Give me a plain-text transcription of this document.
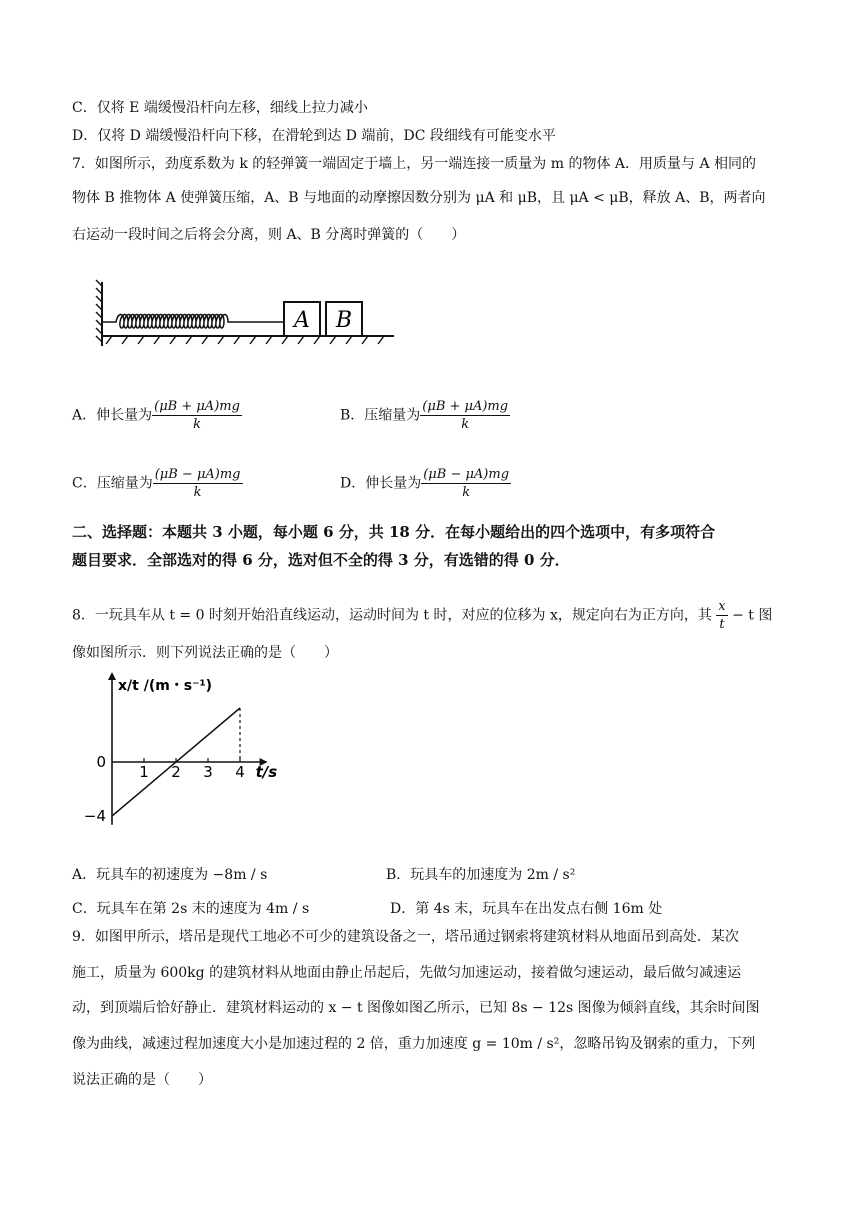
C．仅将 E 端缓慢沿杆向左移，细线上拉力减小
D．仅将 D 端缓慢沿杆向下移，在滑轮到达 D 端前，DC 段细线有可能变水平
7．如图所示，劲度系数为 k 的轻弹簧一端固定于墙上，另一端连接一质量为 m 的物体 A．用质量与 A 相同的
物体 B 推物体 A 使弹簧压缩，A、B 与地面的动摩擦因数分别为 μA 和 μB，且 μA < μB，释放 A、B，两者向
右运动一段时间之后将会分离，则 A、B 分离时弹簧的（　　）
A B
A．伸长量为 $\frac{(\mu B + \mu A)mg}{k}$	B．压缩量为 $\frac{(\mu B + \mu A)mg}{k}$
C．压缩量为 $\frac{(\mu B - \mu A)mg}{k}$	D．伸长量为 $\frac{(\mu B - \mu A)mg}{k}$
二、选择题：本题共 3 小题，每小题 6 分，共 18 分．在每小题给出的四个选项中，有多项符合
题目要求．全部选对的得 6 分，选对但不全的得 3 分，有选错的得 0 分．
8．一玩具车从 t = 0 时刻开始沿直线运动，运动时间为 t 时，对应的位移为 x，规定向右为正方向，其 $\frac{x}{t} - t$ 图
像如图所示．则下列说法正确的是（　　）
1 2 3 4
0
−4
x/t /(m・s⁻¹)
t/s
A．玩具车的初速度为 −8m / s	B．玩具车的加速度为 2m / s²
C．玩具车在第 2s 末的速度为 4m / s	D．第 4s 末，玩具车在出发点右侧 16m 处
9．如图甲所示，塔吊是现代工地必不可少的建筑设备之一，塔吊通过钢索将建筑材料从地面吊到高处．某次
施工，质量为 600kg 的建筑材料从地面由静止吊起后，先做匀加速运动，接着做匀速运动，最后做匀减速运
动，到顶端后恰好静止．建筑材料运动的 x − t 图像如图乙所示，已知 8s − 12s 图像为倾斜直线，其余时间图
像为曲线，减速过程加速度大小是加速过程的 2 倍，重力加速度 g = 10m / s²，忽略吊钩及钢索的重力，下列
说法正确的是（　　）
